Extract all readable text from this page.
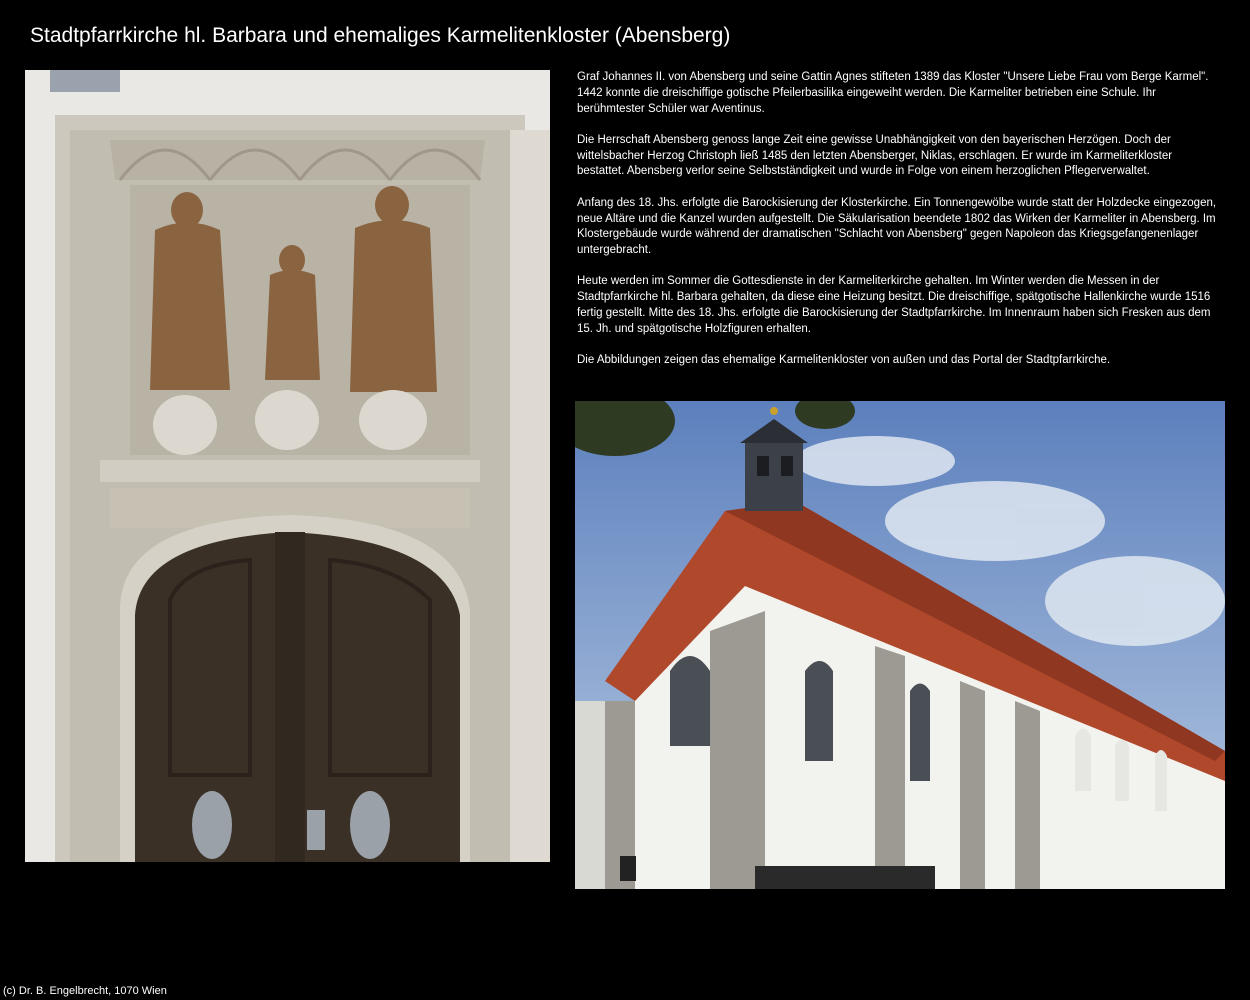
Stadtpfarrkirche hl. Barbara und ehemaliges Karmelitenkloster (Abensberg)

Graf Johannes II. von Abensberg und seine Gattin Agnes stifteten 1389 das Kloster "Unsere Liebe Frau vom Berge Karmel". 1442 konnte die dreischiffige gotische Pfeilerbasilika eingeweiht werden. Die Karmeliter betrieben eine Schule. Ihr berühmtester Schüler war Aventinus.

Die Herrschaft Abensberg genoss lange Zeit eine gewisse Unabhängigkeit von den bayerischen Herzögen. Doch der wittelsbacher Herzog Christoph ließ 1485 den letzten Abensberger, Niklas, erschlagen. Er wurde im Karmeliterkloster bestattet. Abensberg verlor seine Selbstständigkeit und wurde in Folge von einem herzoglichen Pflegerverwaltet.

Anfang des 18. Jhs. erfolgte die Barockisierung der Klosterkirche. Ein Tonnengewölbe wurde statt der Holzdecke eingezogen, neue Altäre und die Kanzel wurden aufgestellt. Die Säkularisation beendete 1802 das Wirken der Karmeliter in Abensberg. Im Klostergebäude wurde während der dramatischen "Schlacht von Abensberg" gegen Napoleon das Kriegsgefangenenlager untergebracht.

Heute werden im Sommer die Gottesdienste in der Karmeliterkirche gehalten. Im Winter werden die Messen in der Stadtpfarrkirche hl. Barbara gehalten, da diese eine Heizung besitzt. Die dreischiffige, spätgotische Hallenkirche wurde 1516 fertig gestellt. Mitte des 18. Jhs. erfolgte die Barockisierung der Stadtpfarrkirche. Im Innenraum haben sich Fresken aus dem 15. Jh. und spätgotische Holzfiguren erhalten.

Die Abbildungen zeigen das ehemalige Karmelitenkloster von außen und das Portal der Stadtpfarrkirche.

(c) Dr. B. Engelbrecht, 1070 Wien
